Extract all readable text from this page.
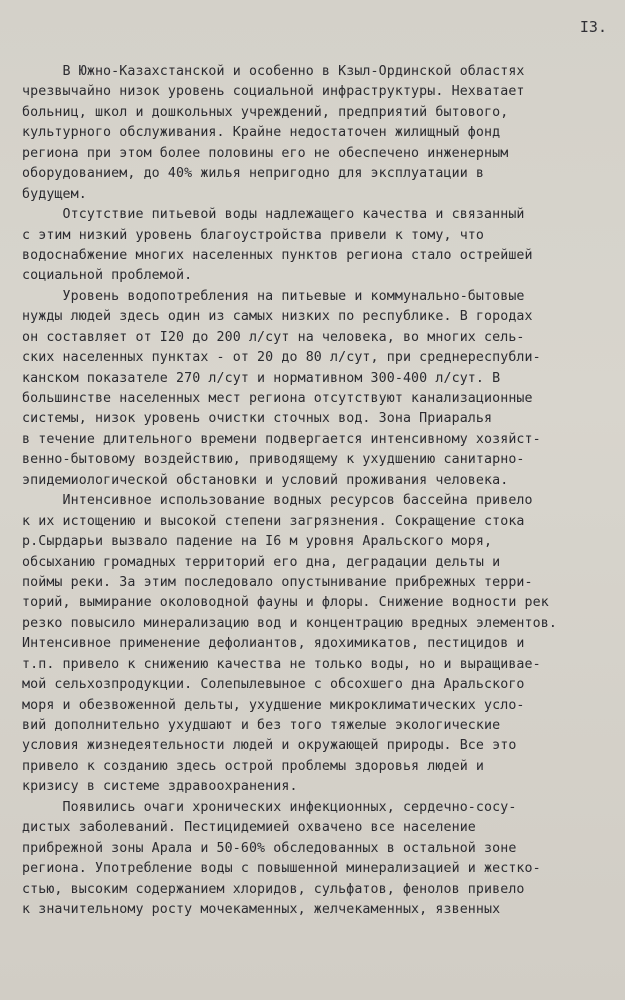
I3.
В Южно-Казахстанской и особенно в Кзыл-Ординской областях
чрезвычайно низок уровень социальной инфраструктуры. Нехватает
больниц, школ и дошкольных учреждений, предприятий бытового,
культурного обслуживания. Крайне недостаточен жилищный фонд
региона при этом более половины его не обеспечено инженерным
оборудованием, до 40% жилья непригодно для эксплуатации в
будущем.
Отсутствие питьевой воды надлежащего качества и связанный
с этим низкий уровень благоустройства привели к тому, что
водоснабжение многих населенных пунктов региона стало острейшей
социальной проблемой.
Уровень водопотребления на питьевые и коммунально-бытовые
нужды людей здесь один из самых низких по республике. В городах
он составляет от I20 до 200 л/сут на человека, во многих сель-
ских населенных пунктах - от 20 до 80 л/сут, при среднереспубли-
канском показателе 270 л/сут и нормативном 300-400 л/сут. В
большинстве населенных мест региона отсутствуют канализационные
системы, низок уровень очистки сточных вод. Зона Приаралья
в течение длительного времени подвергается интенсивному хозяйст-
венно-бытовому воздействию, приводящему к ухудшению санитарно-
эпидемиологической обстановки и условий проживания человека.
Интенсивное использование водных ресурсов бассейна привело
к их истощению и высокой степени загрязнения. Сокращение стока
р.Сырдарьи вызвало падение на I6 м уровня Аральского моря,
обсыханию громадных территорий его дна, деградации дельты и
поймы реки. За этим последовало опустынивание прибрежных терри-
торий, вымирание околоводной фауны и флоры. Снижение водности рек
резко повысило минерализацию вод и концентрацию вредных элементов.
Интенсивное применение дефолиантов, ядохимикатов, пестицидов и
т.п. привело к снижению качества не только воды, но и выращивае-
мой сельхозпродукции. Солепылевыное с обсохшего дна Аральского
моря и обезвоженной дельты, ухудшение микроклиматических усло-
вий дополнительно ухудшают и без того тяжелые экологические
условия жизнедеятельности людей и окружающей природы. Все это
привело к созданию здесь острой проблемы здоровья людей и
кризису в системе здравоохранения.
Появились очаги хронических инфекционных, сердечно-сосу-
дистых заболеваний. Пестицидемией охвачено все население
прибрежной зоны Арала и 50-60% обследованных в остальной зоне
региона. Употребление воды с повышенной минерализацией и жестко-
стью, высоким содержанием хлоридов, сульфатов, фенолов привело
к значительному росту мочекаменных, желчекаменных, язвенных
